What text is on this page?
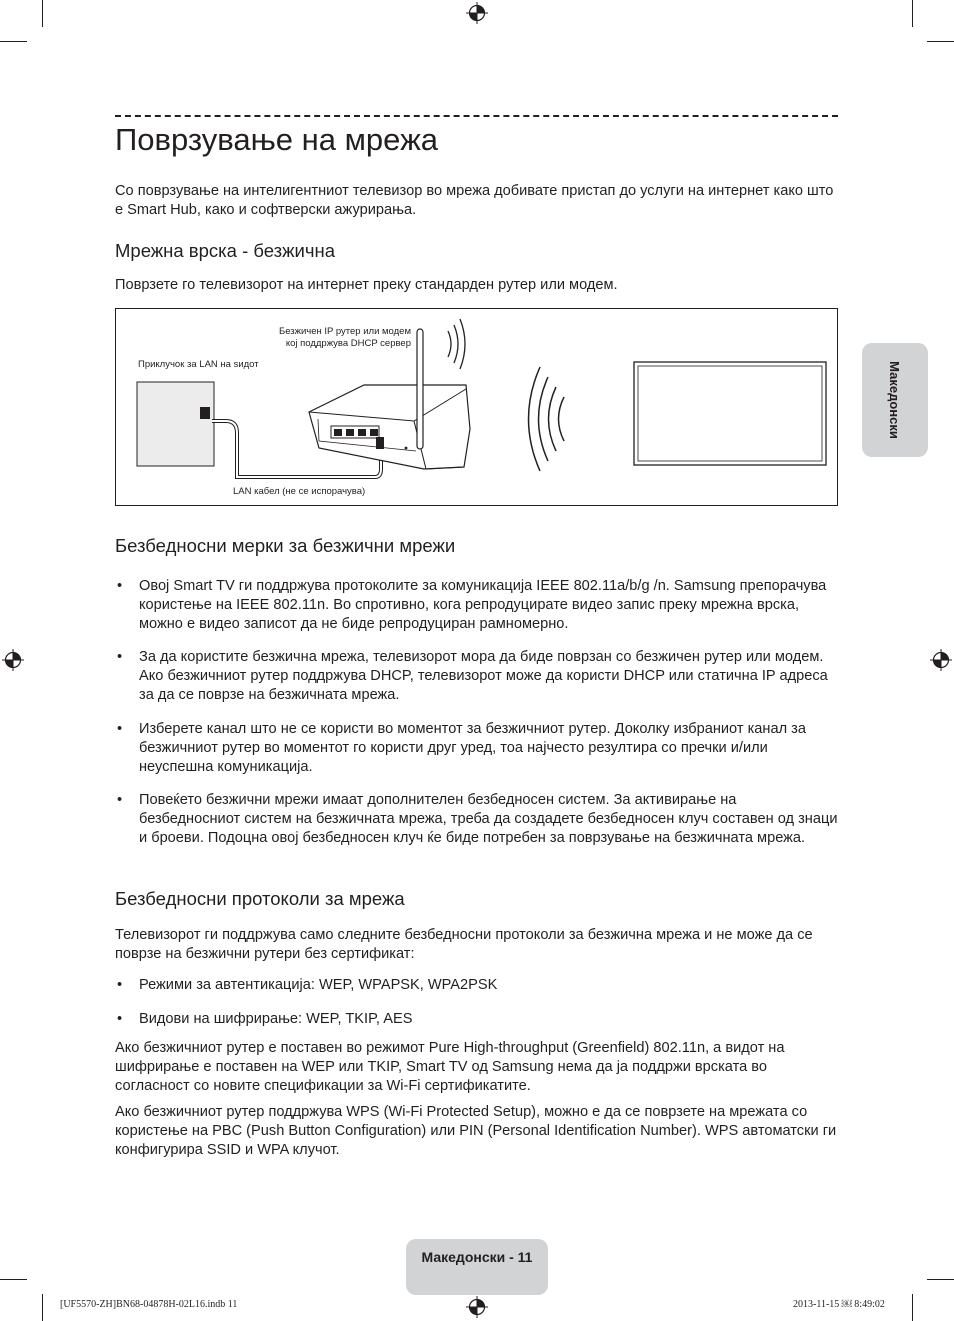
Поврзување на мрежа

Со поврзување на интелигентниот телевизор во мрежа добивате пристап до услуги на интернет како што е Smart Hub, како и софтверски ажурирања.

Мрежна врска - безжична

Поврзете го телевизорот на интернет преку стандарден рутер или модем.

Безжичен IP рутер или модем
кој поддржува DHCP сервер
Приклучок за LAN на ѕидот
LAN кабел (не се испорачува)
Безбедносни мерки за безжични мрежи
• Овој Smart TV ги поддржува протоколите за комуникација IEEE 802.11a/b/g /n. Samsung препорачува користење на IEEE 802.11n. Во спротивно, кога репродуцирате видео запис преку мрежна врска, можно е видео записот да не биде репродуциран рамномерно.
• За да користите безжична мрежа, телевизорот мора да биде поврзан со безжичен рутер или модем. Ако безжичниот рутер поддржува DHCP, телевизорот може да користи DHCP или статична IP адреса за да се поврзе на безжичната мрежа.
• Изберете канал што не се користи во моментот за безжичниот рутер. Доколку избраниот канал за безжичниот рутер во моментот го користи друг уред, тоа најчесто резултира со пречки и/или неуспешна комуникација.
• Повеќето безжични мрежи имаат дополнителен безбедносен систем. За активирање на безбедносниот систем на безжичната мрежа, треба да создадете безбедносен клуч составен од знаци и броеви. Подоцна овој безбедносен клуч ќе биде потребен за поврзување на безжичната мрежа.
Безбедносни протоколи за мрежа

Телевизорот ги поддржува само следните безбедносни протоколи за безжична мрежа и не може да се поврзе на безжични рутери без сертификат:

• Режими за автентикација: WEP, WPAPSK, WPA2PSK
• Видови на шифрирање: WEP, TKIP, AES

Ако безжичниот рутер е поставен во режимот Pure High-throughput (Greenfield) 802.11n, а видот на шифрирање е поставен на WEP или TKIP, Smart TV од Samsung нема да ја поддржи врската во согласност со новите спецификации за Wi-Fi сертификатите.

Ако безжичниот рутер поддржува WPS (Wi-Fi Protected Setup), можно е да се поврзете на мрежата со користење на PBC (Push Button Configuration) или PIN (Personal Identification Number). WPS автоматски ги конфигурира SSID и WPA клучот.

Македонски
Македонски - 11
[UF5570-ZH]BN68-04878H-02L16.indb 11	2013-11-15 ￼ 8:49:02
